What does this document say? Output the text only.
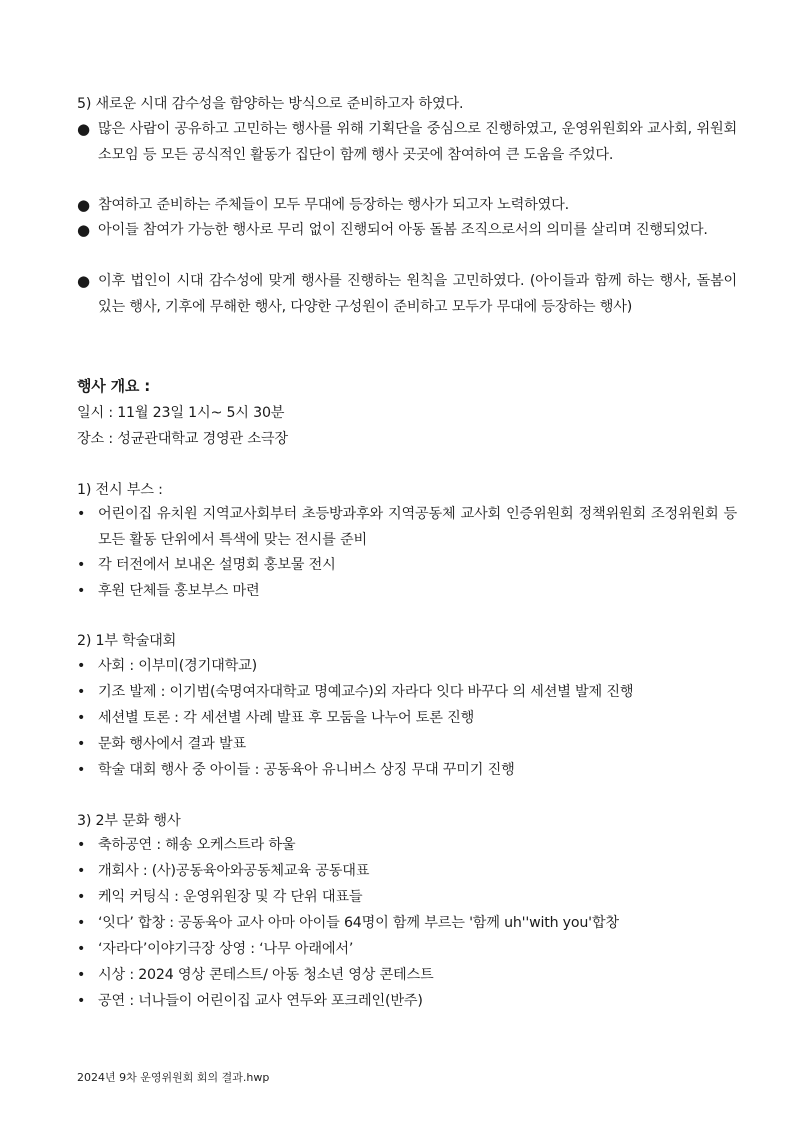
5) 새로운 시대 감수성을 함양하는 방식으로 준비하고자 하였다.
● 많은 사람이 공유하고 고민하는 행사를 위해 기획단을 중심으로 진행하였고, 운영위원회와 교사회, 위원회 소모임 등 모든 공식적인 활동가 집단이 함께 행사 곳곳에 참여하여 큰 도움을 주었다.
● 참여하고 준비하는 주체들이 모두 무대에 등장하는 행사가 되고자 노력하였다.
● 아이들 참여가 가능한 행사로 무리 없이 진행되어 아동 돌봄 조직으로서의 의미를 살리며 진행되었다.
● 이후 법인이 시대 감수성에 맞게 행사를 진행하는 원칙을 고민하였다. (아이들과 함께 하는 행사, 돌봄이 있는 행사, 기후에 무해한 행사, 다양한 구성원이 준비하고 모두가 무대에 등장하는 행사)
행사 개요 :
일시 : 11월 23일 1시~ 5시 30분
장소 : 성균관대학교 경영관 소극장
1) 전시 부스 :
• 어린이집 유치원 지역교사회부터 초등방과후와 지역공동체 교사회 인증위원회 정책위원회 조정위원회 등 모든 활동 단위에서 특색에 맞는 전시를 준비
• 각 터전에서 보내온 설명회 홍보물 전시
• 후원 단체들 홍보부스 마련
2) 1부 학술대회
• 사회 : 이부미(경기대학교)
• 기조 발제 : 이기범(숙명여자대학교 명예교수)외 자라다 잇다 바꾸다 의 세션별 발제 진행
• 세션별 토론 : 각 세션별 사례 발표 후 모둠을 나누어 토론 진행
• 문화 행사에서 결과 발표
• 학술 대회 행사 중 아이들 : 공동육아 유니버스 상징 무대 꾸미기 진행
3) 2부 문화 행사
• 축하공연 : 해송 오케스트라 하울
• 개회사 : (사)공동육아와공동체교육 공동대표
• 케익 커팅식 : 운영위원장 및 각 단위 대표들
• ‘잇다’ 합창 : 공동육아 교사 아마 아이들 64명이 함께 부르는 '함께 uh''with you'합창
• ‘자라다’이야기극장 상영 : ‘나무 아래에서’
• 시상 : 2024 영상 콘테스트/ 아동 청소년 영상 콘테스트
• 공연 : 너나들이 어린이집 교사 연두와 포크레인(반주)
2024년 9차 운영위원회 회의 결과.hwp
